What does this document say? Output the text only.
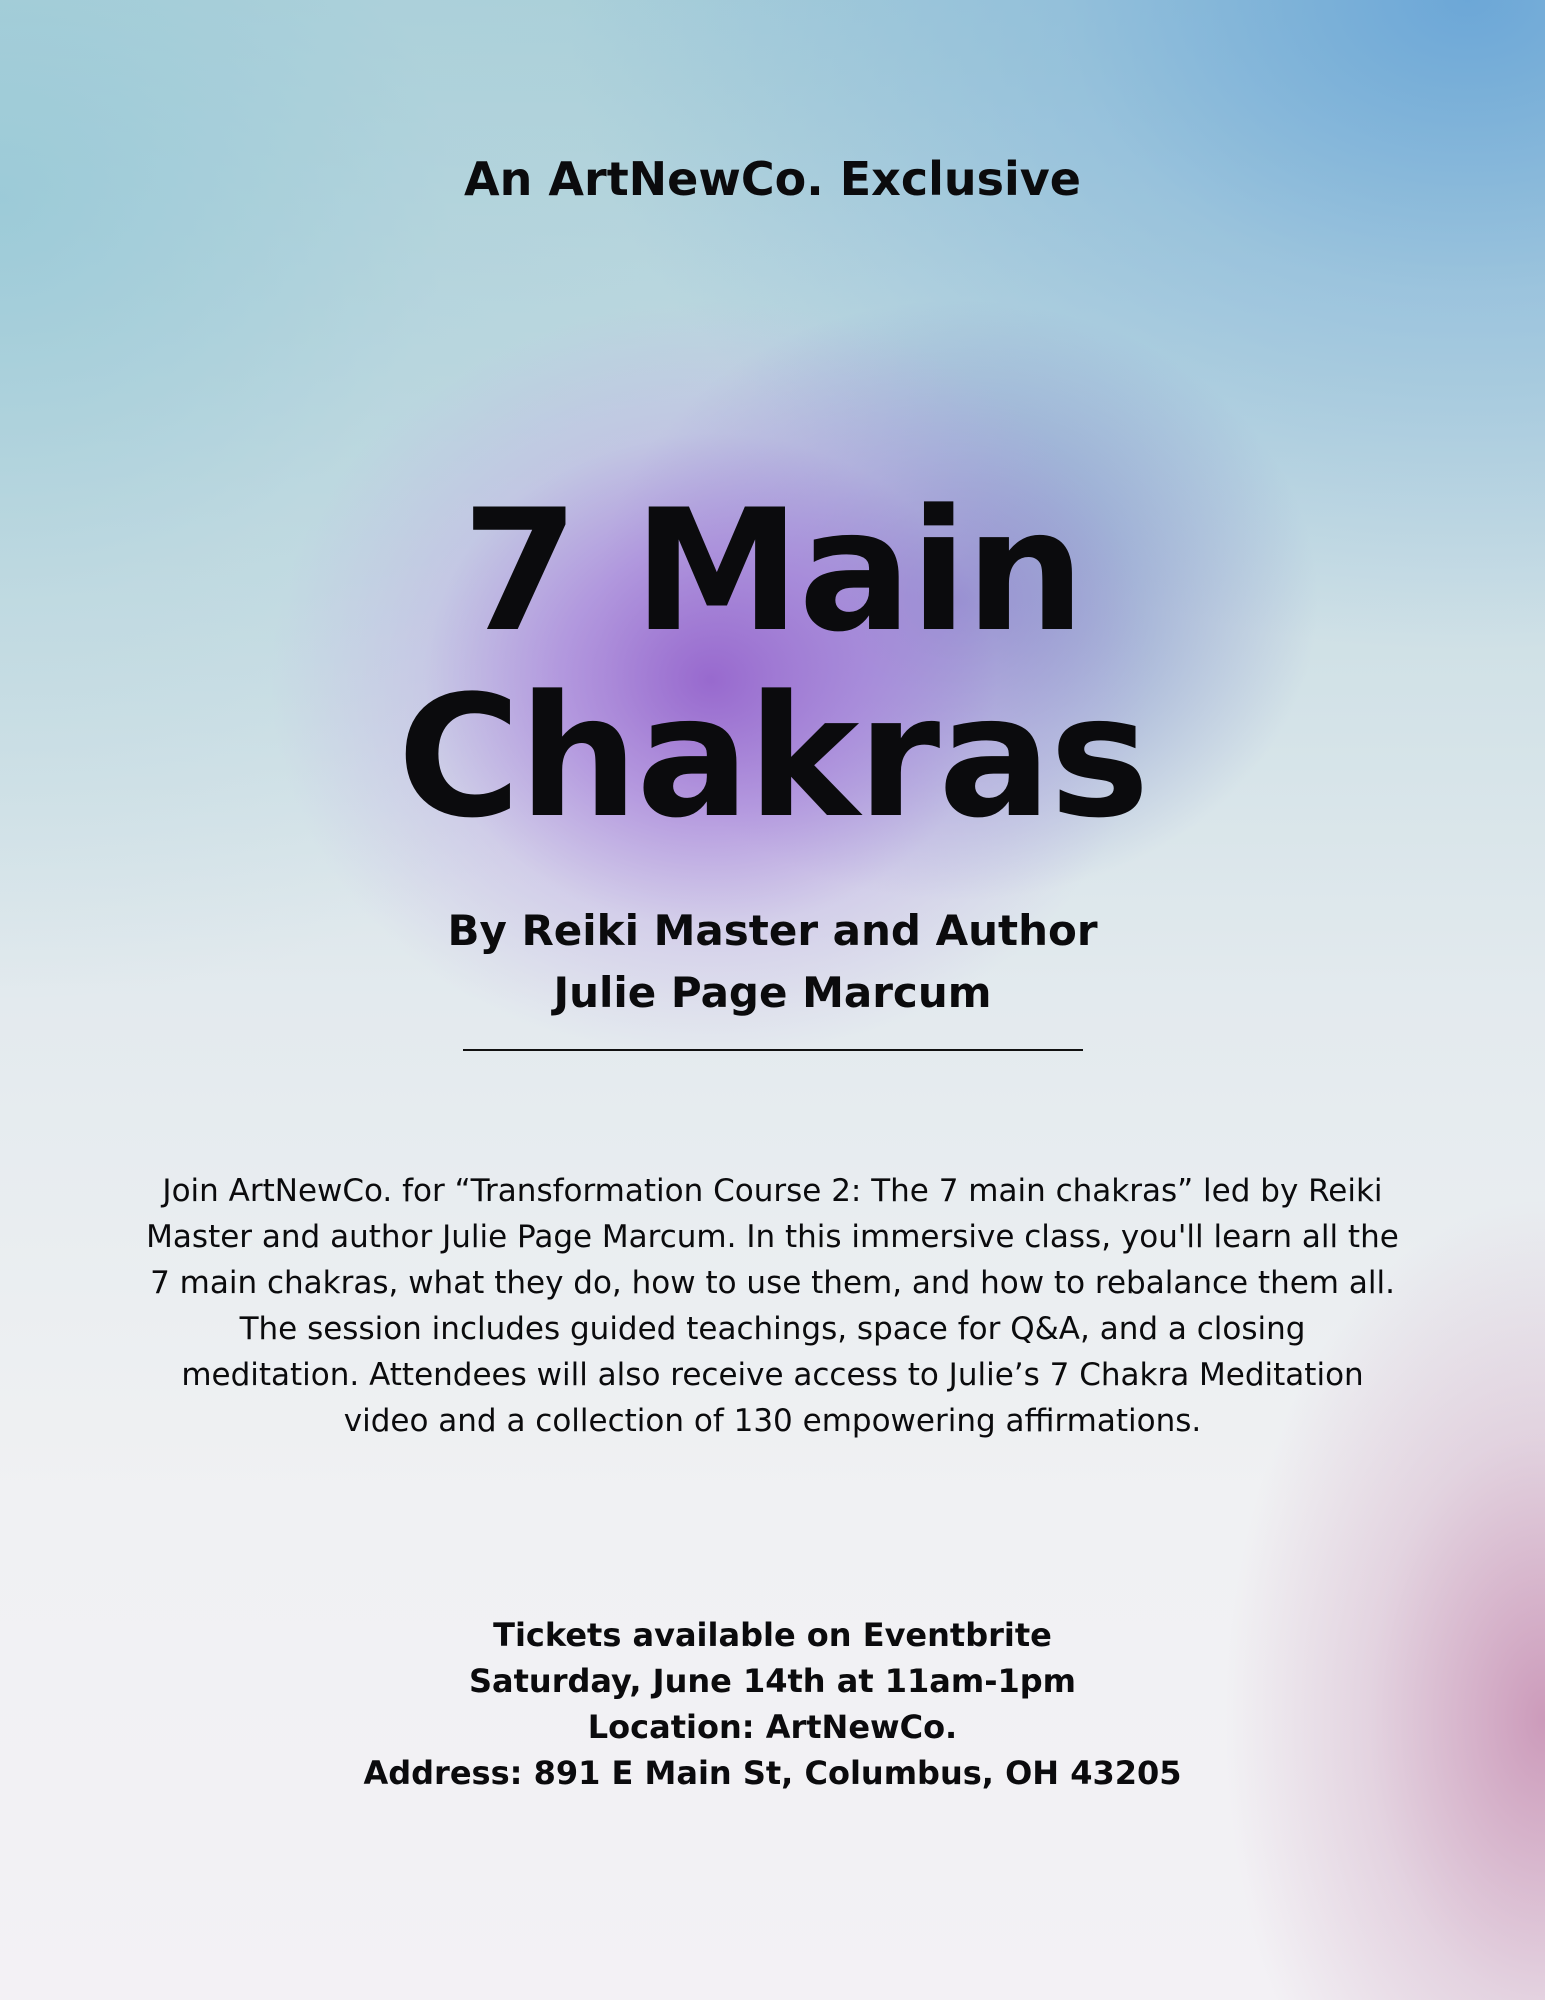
An ArtNewCo. Exclusive
7 Main
Chakras
By Reiki Master and Author
Julie Page Marcum
Join ArtNewCo. for “Transformation Course 2: The 7 main chakras” led by Reiki
Master and author Julie Page Marcum. In this immersive class, you'll learn all the
7 main chakras, what they do, how to use them, and how to rebalance them all.
The session includes guided teachings, space for Q&A, and a closing
meditation. Attendees will also receive access to Julie’s 7 Chakra Meditation
video and a collection of 130 empowering affirmations.
Tickets available on Eventbrite
Saturday, June 14th at 11am-1pm
Location: ArtNewCo.
Address: 891 E Main St, Columbus, OH 43205
